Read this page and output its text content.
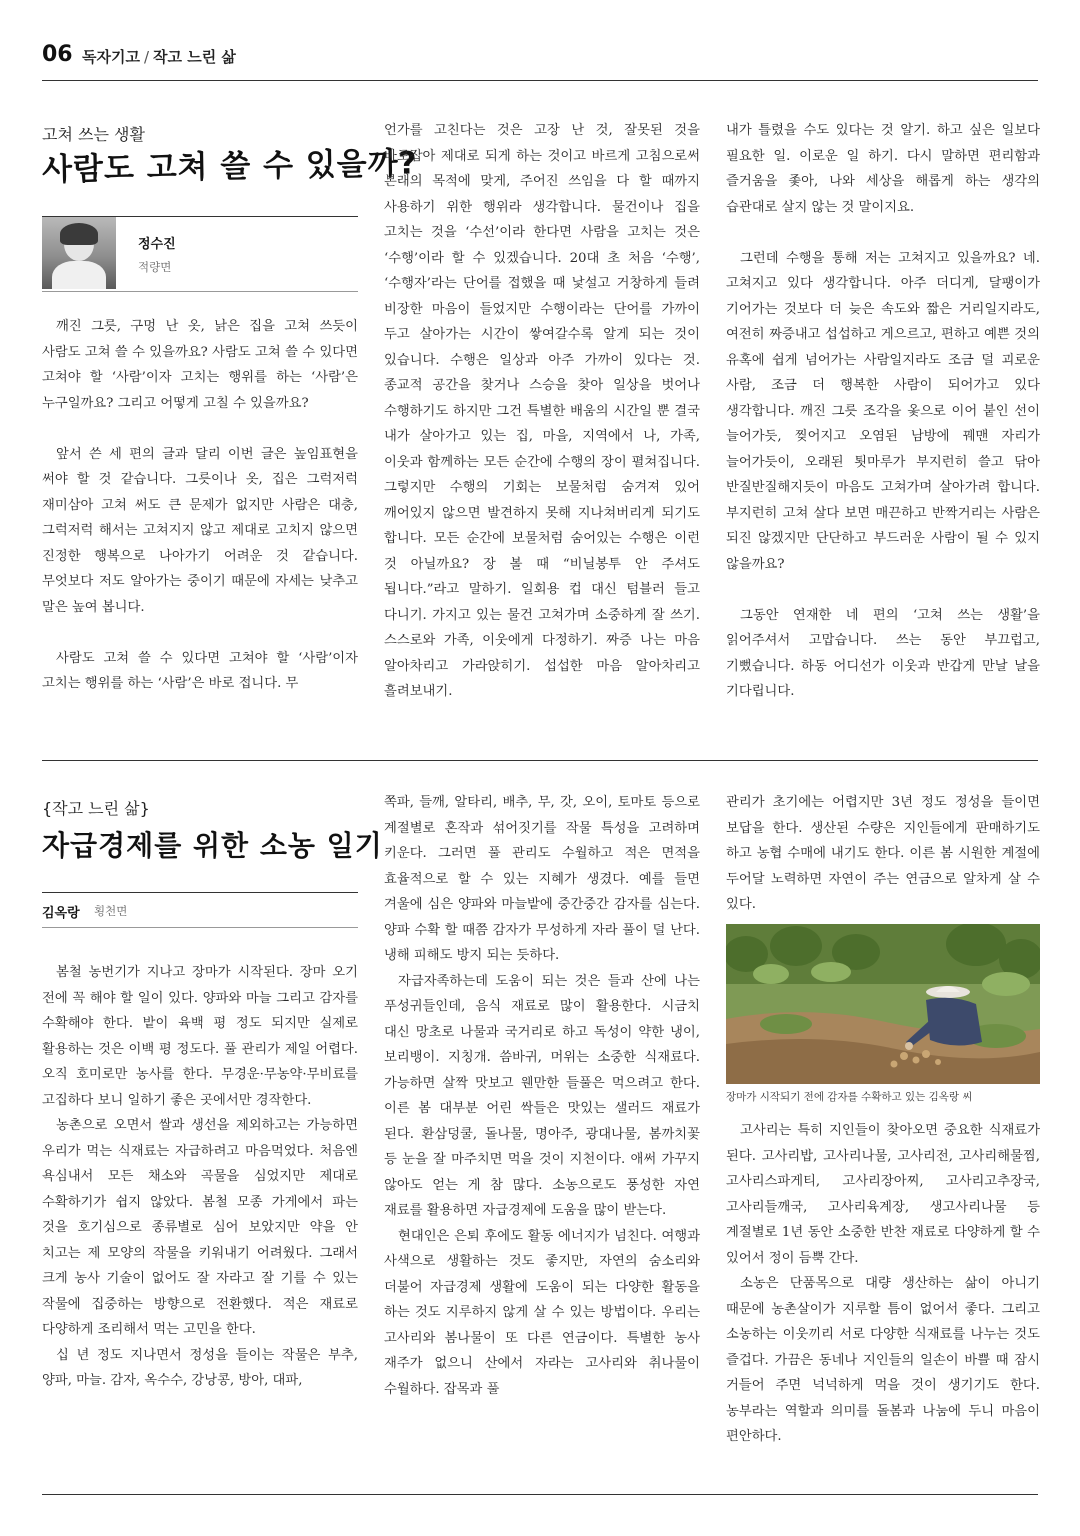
06 독자기고 / 작고 느린 삶
고쳐 쓰는 생활
사람도 고쳐 쓸 수 있을까?
정수진
적량면

깨진 그릇, 구멍 난 옷, 낡은 집을 고쳐 쓰듯이 사람도 고쳐 쓸 수 있을까요? 사람도 고쳐 쓸 수 있다면 고쳐야 할 ‘사람’이자 고치는 행위를 하는 ‘사람’은 누구일까요? 그리고 어떻게 고칠 수 있을까요?

앞서 쓴 세 편의 글과 달리 이번 글은 높임표현을 써야 할 것 같습니다. 그릇이나 옷, 집은 그럭저럭 재미삼아 고쳐 써도 큰 문제가 없지만 사람은 대충, 그럭저럭 해서는 고쳐지지 않고 제대로 고치지 않으면 진정한 행복으로 나아가기 어려운 것 같습니다. 무엇보다 저도 알아가는 중이기 때문에 자세는 낮추고 말은 높여 봅니다.

사람도 고쳐 쓸 수 있다면 고쳐야 할 ‘사람’이자 고치는 행위를 하는 ‘사람’은 바로 접니다. 무

언가를 고친다는 것은 고장 난 것, 잘못된 것을 바로잡아 제대로 되게 하는 것이고 바르게 고침으로써 본래의 목적에 맞게, 주어진 쓰임을 다 할 때까지 사용하기 위한 행위라 생각합니다. 물건이나 집을 고치는 것을 ‘수선’이라 한다면 사람을 고치는 것은 ‘수행’이라 할 수 있겠습니다. 20대 초 처음 ‘수행’, ‘수행자’라는 단어를 접했을 때 낯설고 거창하게 들려 비장한 마음이 들었지만 수행이라는 단어를 가까이 두고 살아가는 시간이 쌓여갈수록 알게 되는 것이 있습니다. 수행은 일상과 아주 가까이 있다는 것. 종교적 공간을 찾거나 스승을 찾아 일상을 벗어나 수행하기도 하지만 그건 특별한 배움의 시간일 뿐 결국 내가 살아가고 있는 집, 마을, 지역에서 나, 가족, 이웃과 함께하는 모든 순간에 수행의 장이 펼쳐집니다. 그렇지만 수행의 기회는 보물처럼 숨겨져 있어 깨어있지 않으면 발견하지 못해 지나쳐버리게 되기도 합니다. 모든 순간에 보물처럼 숨어있는 수행은 이런 것 아닐까요? 장 볼 때 “비닐봉투 안 주셔도 됩니다.”라고 말하기. 일회용 컵 대신 텀블러 들고 다니기. 가지고 있는 물건 고쳐가며 소중하게 잘 쓰기. 스스로와 가족, 이웃에게 다정하기. 짜증 나는 마음 알아차리고 가라앉히기. 섭섭한 마음 알아차리고 흘려보내기.

내가 틀렸을 수도 있다는 것 알기. 하고 싶은 일보다 필요한 일. 이로운 일 하기. 다시 말하면 편리함과 즐거움을 좇아, 나와 세상을 해롭게 하는 생각의 습관대로 살지 않는 것 말이지요.

그런데 수행을 통해 저는 고쳐지고 있을까요? 네. 고쳐지고 있다 생각합니다. 아주 더디게, 달팽이가 기어가는 것보다 더 늦은 속도와 짧은 거리일지라도, 여전히 짜증내고 섭섭하고 게으르고, 편하고 예쁜 것의 유혹에 쉽게 넘어가는 사람일지라도 조금 덜 괴로운 사람, 조금 더 행복한 사람이 되어가고 있다 생각합니다. 깨진 그릇 조각을 옻으로 이어 붙인 선이 늘어가듯, 찢어지고 오염된 남방에 꿰맨 자리가 늘어가듯이, 오래된 툇마루가 부지런히 쓸고 닦아 반질반질해지듯이 마음도 고쳐가며 살아가려 합니다. 부지런히 고쳐 살다 보면 매끈하고 반짝거리는 사람은 되진 않겠지만 단단하고 부드러운 사람이 될 수 있지 않을까요?

그동안 연재한 네 편의 ‘고쳐 쓰는 생활’을 읽어주셔서 고맙습니다. 쓰는 동안 부끄럽고, 기뻤습니다. 하동 어디선가 이웃과 반갑게 만날 날을 기다립니다.

{작고 느린 삶}
자급경제를 위한 소농 일기
김옥랑 횡천면

봄철 농번기가 지나고 장마가 시작된다. 장마 오기 전에 꼭 해야 할 일이 있다. 양파와 마늘 그리고 감자를 수확해야 한다. 밭이 육백 평 정도 되지만 실제로 활용하는 것은 이백 평 정도다. 풀 관리가 제일 어렵다. 오직 호미로만 농사를 한다. 무경운·무농약·무비료를 고집하다 보니 일하기 좋은 곳에서만 경작한다.

농촌으로 오면서 쌀과 생선을 제외하고는 가능하면 우리가 먹는 식재료는 자급하려고 마음먹었다. 처음엔 욕심내서 모든 채소와 곡물을 심었지만 제대로 수확하기가 쉽지 않았다. 봄철 모종 가게에서 파는 것을 호기심으로 종류별로 심어 보았지만 약을 안 치고는 제 모양의 작물을 키워내기 어려웠다. 그래서 크게 농사 기술이 없어도 잘 자라고 잘 기를 수 있는 작물에 집중하는 방향으로 전환했다. 적은 재료로 다양하게 조리해서 먹는 고민을 한다.

십 년 정도 지나면서 정성을 들이는 작물은 부추, 양파, 마늘. 감자, 옥수수, 강낭콩, 방아, 대파,

쪽파, 들깨, 알타리, 배추, 무, 갓, 오이, 토마토 등으로 계절별로 혼작과 섞어짓기를 작물 특성을 고려하며 키운다. 그러면 풀 관리도 수월하고 적은 면적을 효율적으로 할 수 있는 지혜가 생겼다. 예를 들면 겨울에 심은 양파와 마늘밭에 중간중간 감자를 심는다. 양파 수확 할 때쯤 감자가 무성하게 자라 풀이 덜 난다. 냉해 피해도 방지 되는 듯하다.

자급자족하는데 도움이 되는 것은 들과 산에 나는 푸성귀들인데, 음식 재료로 많이 활용한다. 시금치 대신 망초로 나물과 국거리로 하고 독성이 약한 냉이, 보리뱅이. 지칭개. 씀바귀, 머위는 소중한 식재료다. 가능하면 살짝 맛보고 웬만한 들풀은 먹으려고 한다. 이른 봄 대부분 어린 싹들은 맛있는 샐러드 재료가 된다. 환삼덩쿨, 돌나물, 명아주, 광대나물, 봄까치꽃 등 눈을 잘 마주치면 먹을 것이 지천이다. 애써 가꾸지 않아도 얻는 게 참 많다. 소농으로도 풍성한 자연 재료를 활용하면 자급경제에 도움을 많이 받는다.

현대인은 은퇴 후에도 활동 에너지가 넘친다. 여행과 사색으로 생활하는 것도 좋지만, 자연의 숨소리와 더불어 자급경제 생활에 도움이 되는 다양한 활동을 하는 것도 지루하지 않게 살 수 있는 방법이다. 우리는 고사리와 봄나물이 또 다른 연금이다. 특별한 농사 재주가 없으니 산에서 자라는 고사리와 취나물이 수월하다. 잡목과 풀

관리가 초기에는 어렵지만 3년 정도 정성을 들이면 보답을 한다. 생산된 수량은 지인들에게 판매하기도 하고 농협 수매에 내기도 한다. 이른 봄 시원한 계절에 두어달 노력하면 자연이 주는 연금으로 알차게 살 수 있다.

장마가 시작되기 전에 감자를 수확하고 있는 김옥랑 씨

고사리는 특히 지인들이 찾아오면 중요한 식재료가 된다. 고사리밥, 고사리나물, 고사리전, 고사리해물찜, 고사리스파게티, 고사리장아찌, 고사리고추장국, 고사리들깨국, 고사리육계장, 생고사리나물 등 계절별로 1년 동안 소중한 반찬 재료로 다양하게 할 수 있어서 정이 듬뿍 간다.

소농은 단품목으로 대량 생산하는 삶이 아니기 때문에 농촌살이가 지루할 틈이 없어서 좋다. 그리고 소농하는 이웃끼리 서로 다양한 식재료를 나누는 것도 즐겁다. 가끔은 동네나 지인들의 일손이 바쁠 때 잠시 거들어 주면 넉넉하게 먹을 것이 생기기도 한다. 농부라는 역할과 의미를 돌봄과 나눔에 두니 마음이 편안하다.
